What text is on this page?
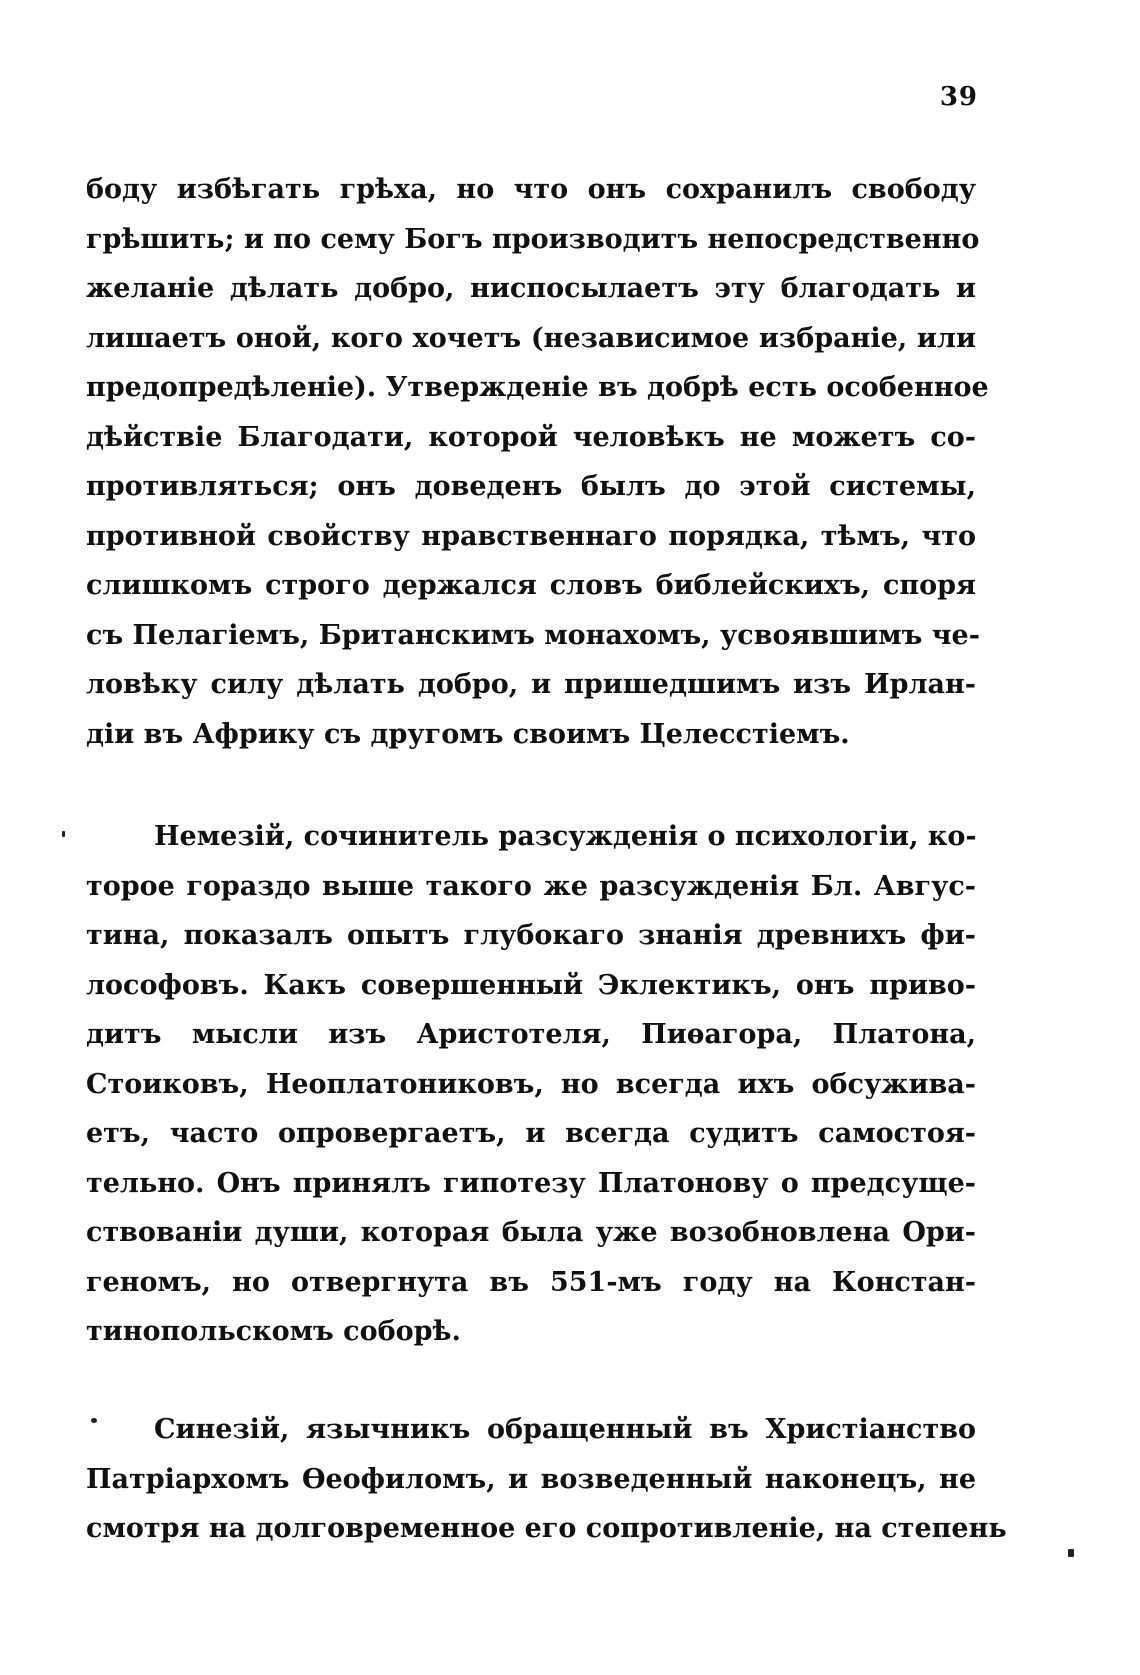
39
боду избѣгать грѣха, но что онъ сохранилъ свободу
грѣшить; и по сему Богъ производитъ непосредственно
желаніе дѣлать добро, ниспосылаетъ эту благодать и
лишаетъ оной, кого хочетъ (независимое избраніе, или
предопредѣленіе). Утвержденіе въ добрѣ есть особенное
дѣйствіе Благодати, которой человѣкъ не можетъ со-
противляться; онъ доведенъ былъ до этой системы,
противной свойству нравственнаго порядка, тѣмъ, что
слишкомъ строго держался словъ библейскихъ, споря
съ Пелагіемъ, Британскимъ монахомъ, усвоявшимъ че-
ловѣку силу дѣлать добро, и пришедшимъ изъ Ирлан-
діи въ Африку съ другомъ своимъ Целесстіемъ.
Немезій, сочинитель разсужденія о психологіи, ко-
торое гораздо выше такого же разсужденія Бл. Авгус-
тина, показалъ опытъ глубокаго знанія древнихъ фи-
лософовъ. Какъ совершенный Эклектикъ, онъ приво-
дитъ мысли изъ Аристотеля, Пиѳагора, Платона,
Стоиковъ, Неоплатониковъ, но всегда ихъ обсуживa-
етъ, часто опровергаетъ, и всегда судитъ самостоя-
тельно. Онъ принялъ гипотезу Платонову о предсуще-
ствованіи души, которая была уже возобновлена Ори-
геномъ, но отвергнута въ 551-мъ году на Констан-
тинопольскомъ соборѣ.
Синезій, язычникъ обращенный въ Христіанство
Патріархомъ Ѳеофиломъ, и возведенный наконецъ, не
смотря на долговременное его сопротивленіе, на степень
